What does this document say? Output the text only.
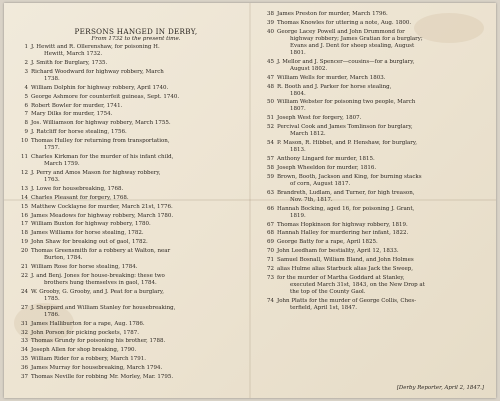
PERSONS HANGED IN DERBY,
From 1732 to the present time.
1 J. Hewitt and R. Ollerenshaw, for poisoning H.
Hewitt, March 1732.
2 J. Smith for Burglary, 1735.
3 Richard Woodward for highway robbery, March
1738.
4 William Dolphin for highway robbery, April 1740.
5 George Ashmore for counterfeit guineas, Sept. 1740.
6 Robert Bowler for murder, 1741.
7 Mary Dilks for murder, 1754.
8 Jos. Williamson for highway robbery, March 1755.
9 J. Ratcliff for horse stealing, 1756.
10 Thomas Hulley for returning from transportation,
1757.
11 Charles Kirkman for the murder of his infant child,
March 1759.
12 J. Perry and Amos Mason for highway robbery,
1763.
13 J. Lowe for housebreaking, 1768.
14 Charles Pleasant for forgery, 1768.
15 Matthew Cocklayne for murder, March 21st, 1776.
16 James Meadows for highway robbery, March 1780.
17 William Buxton for highway robbery, 1780.
18 James Williams for horse stealing, 1782.
19 John Shaw for breaking out of gaol, 1782.
20 Thomas Greensmith for a robbery at Walton, near
Burton, 1784.
21 William Rose for horse stealing, 1784.
22 J. and Benj. Jones for house-breaking: these two
brothers hung themselves in gaol, 1784.
24 W. Grooby, G. Grooby, and J. Peat for a burglary,
1785.
27 J. Sheppard and William Stanley for housebreaking,
1786.
31 James Halliburton for a rape, Aug. 1786.
32 John Porson for picking pockets, 1787.
33 Thomas Grundy for poisoning his brother, 1788.
34 Joseph Allen for shop breaking, 1790.
35 William Rider for a robbery, March 1791.
36 James Murray for housebreaking, March 1794.
37 Thomas Neville for robbing Mr. Morley, Mar. 1795.
38 James Preston for murder, March 1796.
39 Thomas Knowles for uttering a note, Aug. 1800.
40 George Lacey Powell and John Drummond for
highway robbery; James Gratian for a burglary;
Evans and J. Dent for sheep stealing, August
1801.
45 J. Mellor and J. Spencer—cousins—for a burglary,
August 1802.
47 William Wells for murder, March 1803.
48 R. Booth and J. Parker for horse stealing,
1804.
50 William Webster for poisoning two people, March
1807.
51 Joseph West for forgery, 1807.
52 Percival Cook and James Tomlinson for burglary,
March 1812.
54 P. Mason, R. Hibbet, and P. Henshaw, for burglary,
1813.
57 Anthony Lingard for murder, 1815.
58 Joseph Wheeldon for murder, 1816.
59 Brown, Booth, Jackson and King, for burning stacks
of corn, August 1817.
63 Brandreth, Ludlam, and Turner, for high treason,
Nov. 7th, 1817.
66 Hannah Bocking, aged 16, for poisoning J. Grant,
1819.
67 Thomas Hopkinson for highway robbery, 1819.
68 Hannah Halley for murdering her infant, 1822.
69 George Batty for a rape, April 1825.
70 John Leedham for bestiality, April 12, 1833.
71 Samuel Bosnall, William Bland, and John Holmes
72 alias Hulme alias Starbuck alias Jack the Sweep,
73 for the murder of Martha Goddard at Stanley,
executed March 31st, 1843, on the New Drop at
the top of the County Gaol.
74 John Platts for the murder of George Collis, Ches-
terfield, April 1st, 1847.
[Derby Reporter, April 2, 1847.]
